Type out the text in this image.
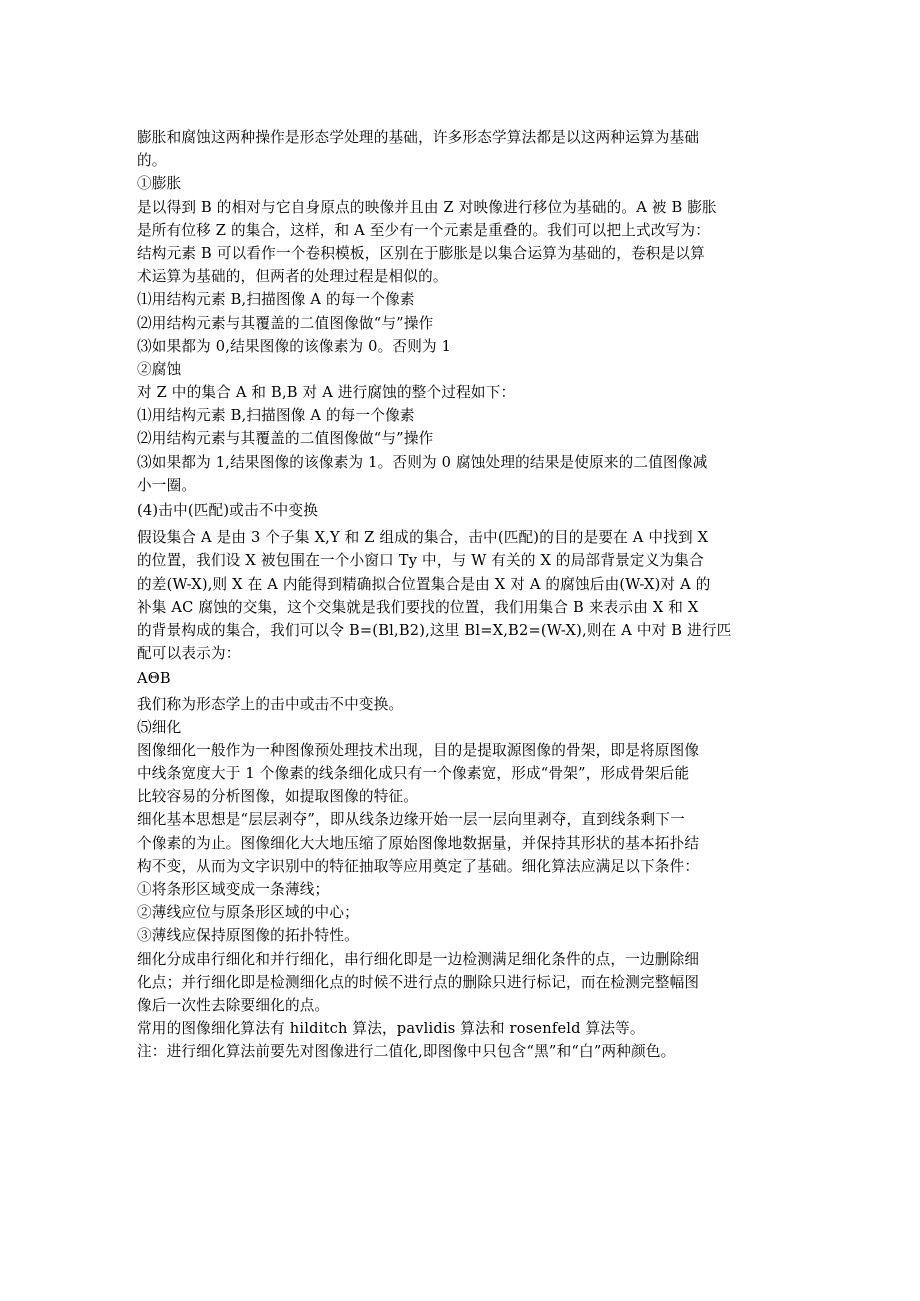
膨胀和腐蚀这两种操作是形态学处理的基础，许多形态学算法都是以这两种运算为基础
的。
①膨胀
是以得到 B 的相对与它自身原点的映像并且由 Z 对映像进行移位为基础的。A 被 B 膨胀
是所有位移 Z 的集合，这样，和 A 至少有一个元素是重叠的。我们可以把上式改写为：
结构元素 B 可以看作一个卷积模板，区别在于膨胀是以集合运算为基础的，卷积是以算
术运算为基础的，但两者的处理过程是相似的。
⑴用结构元素 B,扫描图像 A 的每一个像素
⑵用结构元素与其覆盖的二值图像做“与”操作
⑶如果都为 0,结果图像的该像素为 0。否则为 1
②腐蚀
对 Z 中的集合 A 和 B,B 对 A 进行腐蚀的整个过程如下：
⑴用结构元素 B,扫描图像 A 的每一个像素
⑵用结构元素与其覆盖的二值图像做“与”操作
⑶如果都为 1,结果图像的该像素为 1。否则为 0 腐蚀处理的结果是使原来的二值图像减
小一圈。
(4)击中(匹配)或击不中变换
假设集合 A 是由 3 个子集 X,Y 和 Z 组成的集合，击中(匹配)的目的是要在 A 中找到 X
的位置，我们设 X 被包围在一个小窗口 Ty 中，与 W 有关的 X 的局部背景定义为集合
的差(W-X),则 X 在 A 内能得到精确拟合位置集合是由 X 对 A 的腐蚀后由(W-X)对 A 的
补集 AC 腐蚀的交集，这个交集就是我们要找的位置，我们用集合 B 来表示由 X 和 X
的背景构成的集合，我们可以令 B=(Bl,B2),这里 Bl=X,B2=(W-X),则在 A 中对 B 进行匹
配可以表示为：
AΘB
我们称为形态学上的击中或击不中变换。
⑸细化
图像细化一般作为一种图像预处理技术出现，目的是提取源图像的骨架，即是将原图像
中线条宽度大于 1 个像素的线条细化成只有一个像素宽，形成“骨架”，形成骨架后能
比较容易的分析图像，如提取图像的特征。
细化基本思想是“层层剥夺”，即从线条边缘开始一层一层向里剥夺，直到线条剩下一
个像素的为止。图像细化大大地压缩了原始图像地数据量，并保持其形状的基本拓扑结
构不变，从而为文字识别中的特征抽取等应用奠定了基础。细化算法应满足以下条件：
①将条形区域变成一条薄线；
②薄线应位与原条形区域的中心；
③薄线应保持原图像的拓扑特性。
细化分成串行细化和并行细化，串行细化即是一边检测满足细化条件的点，一边删除细
化点；并行细化即是检测细化点的时候不进行点的删除只进行标记，而在检测完整幅图
像后一次性去除要细化的点。
常用的图像细化算法有 hilditch 算法，pavlidis 算法和 rosenfeld 算法等。
注：进行细化算法前要先对图像进行二值化,即图像中只包含“黑”和“白”两种颜色。
